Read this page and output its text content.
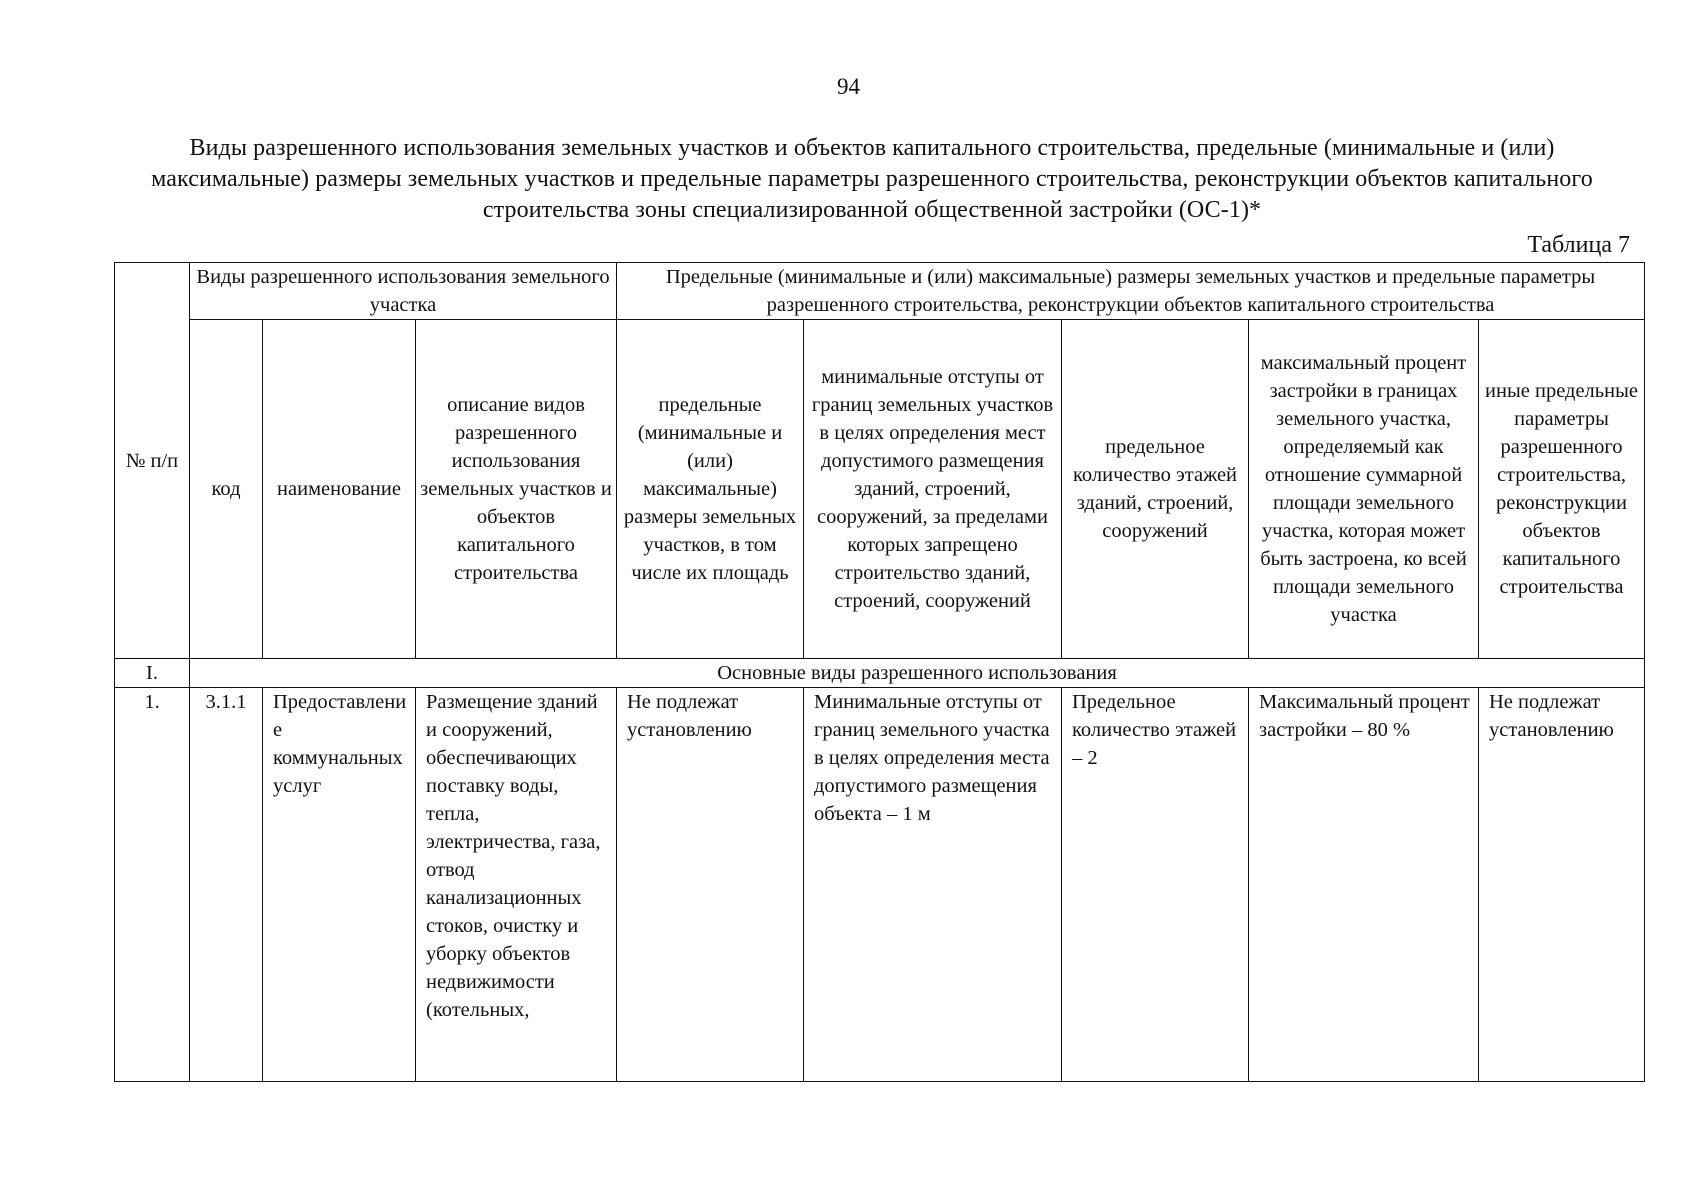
94
Виды разрешенного использования земельных участков и объектов капитального строительства, предельные (минимальные и (или) максимальные) размеры земельных участков и предельные параметры разрешенного строительства, реконструкции объектов капитального строительства зоны специализированной общественной застройки (ОС-1)*
Таблица 7
№ п/п	Виды разрешенного использования земельного участка			Предельные (минимальные и (или) максимальные) размеры земельных участков и предельные параметры разрешенного строительства, реконструкции объектов капитального строительства				
	код	наименование	описание видов разрешенного использования земельных участков и объектов капитального строительства	предельные (минимальные и (или) максимальные) размеры земельных участков, в том числе их площадь	минимальные отступы от границ земельных участков в целях определения мест допустимого размещения зданий, строений, сооружений, за пределами которых запрещено строительство зданий, строений, сооружений	предельное количество этажей зданий, строений, сооружений	максимальный процент застройки в границах земельного участка, определяемый как отношение суммарной площади земельного участка, которая может быть застроена, ко всей площади земельного участка	иные предельные параметры разрешенного строительства, реконструкции объектов капитального строительства
I.	Основные виды разрешенного использования							
1.	3.1.1	Предоставление коммунальных услуг	Размещение зданий и сооружений, обеспечивающих поставку воды, тепла, электричества, газа, отвод канализационных стоков, очистку и уборку объектов недвижимости (котельных,	Не подлежат установлению	Минимальные отступы от границ земельного участка в целях определения места допустимого размещения объекта – 1 м	Предельное количество этажей – 2	Максимальный процент застройки – 80 %	Не подлежат установлению
